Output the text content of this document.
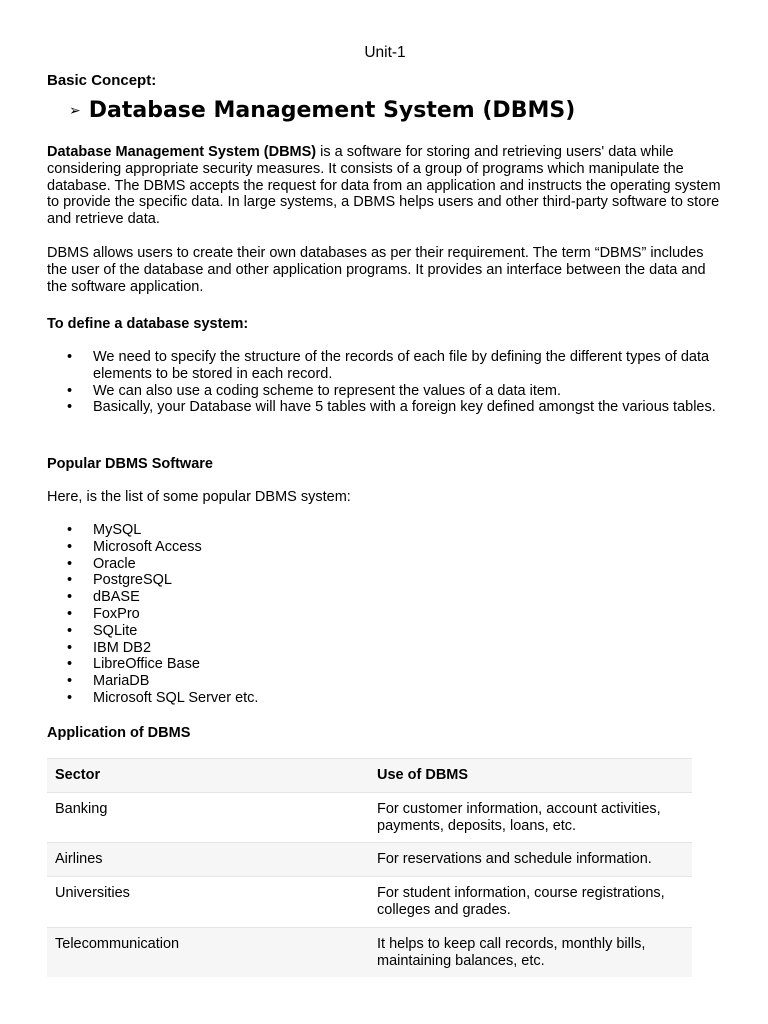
Unit-1
Basic Concept:
➢ Database Management System (DBMS)

Database Management System (DBMS) is a software for storing and retrieving users' data while considering appropriate security measures. It consists of a group of programs which manipulate the database. The DBMS accepts the request for data from an application and instructs the operating system to provide the specific data. In large systems, a DBMS helps users and other third-party software to store and retrieve data.

DBMS allows users to create their own databases as per their requirement. The term “DBMS” includes the user of the database and other application programs. It provides an interface between the data and the software application.

To define a database system:
• We need to specify the structure of the records of each file by defining the different types of data elements to be stored in each record.
• We can also use a coding scheme to represent the values of a data item.
• Basically, your Database will have 5 tables with a foreign key defined amongst the various tables.
Popular DBMS Software

Here, is the list of some popular DBMS system:

• MySQL
• Microsoft Access
• Oracle
• PostgreSQL
• dBASE
• FoxPro
• SQLite
• IBM DB2
• LibreOffice Base
• MariaDB
• Microsoft SQL Server etc.
Application of DBMS
Sector	Use of DBMS
Banking	For customer information, account activities, payments, deposits, loans, etc.
Airlines	For reservations and schedule information.
Universities	For student information, course registrations, colleges and grades.
Telecommunication	It helps to keep call records, monthly bills, maintaining balances, etc.
